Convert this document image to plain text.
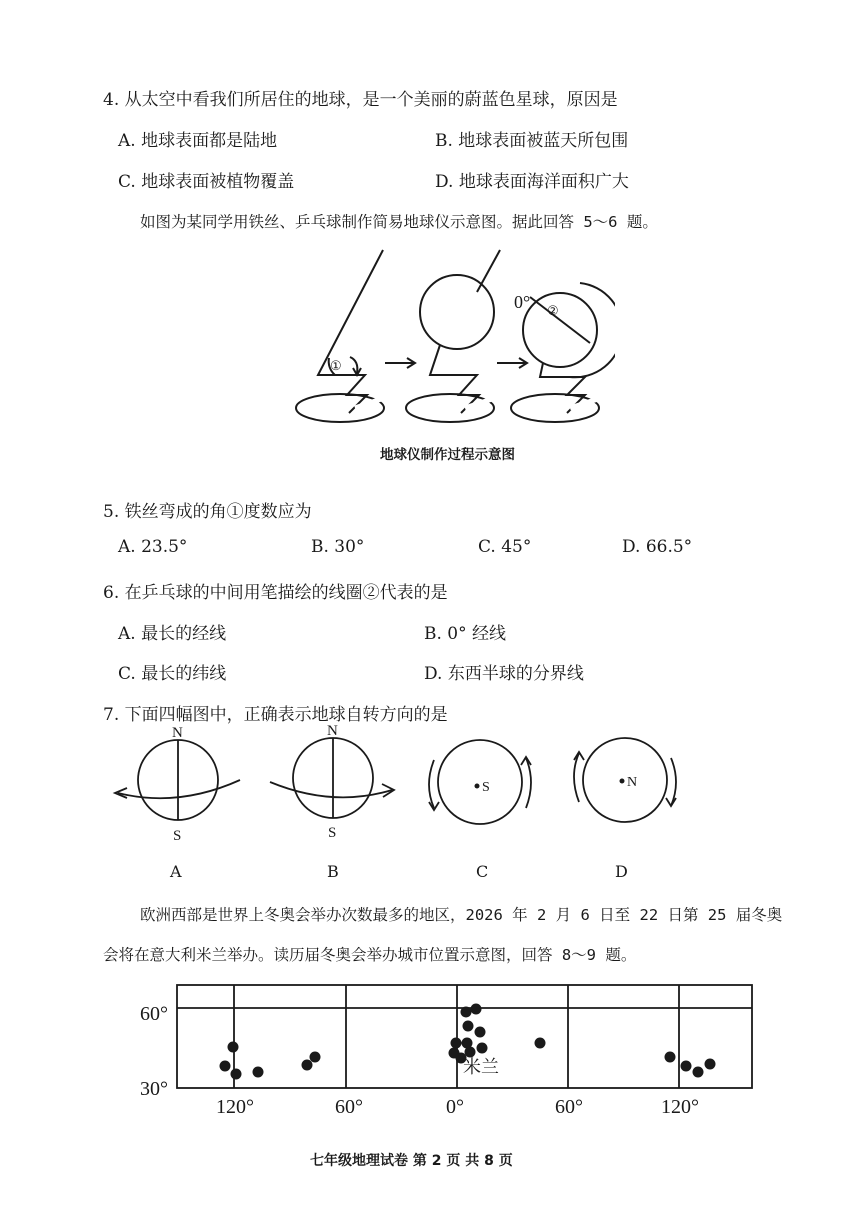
4. 从太空中看我们所居住的地球，是一个美丽的蔚蓝色星球，原因是
A. 地球表面都是陆地	B. 地球表面被蓝天所包围
C. 地球表面被植物覆盖	D. 地球表面海洋面积广大
如图为某同学用铁丝、乒乓球制作简易地球仪示意图。据此回答 5～6 题。
0°
①
②
地球仪制作过程示意图
5. 铁丝弯成的角①度数应为
A. 23.5°	B. 30°	C. 45°	D. 66.5°
6. 在乒乓球的中间用笔描绘的线圈②代表的是
A. 最长的经线	B. 0° 经线
C. 最长的纬线	D. 东西半球的分界线
7. 下面四幅图中，正确表示地球自转方向的是
N
S
N
S
S	N
A	B	C	D
欧洲西部是世界上冬奥会举办次数最多的地区，2026 年 2 月 6 日至 22 日第 25 届冬奥
会将在意大利米兰举办。读历届冬奥会举办城市位置示意图，回答 8～9 题。
60°
30°
120°	60°	0°	60°	120°
米兰
七年级地理试卷 第 2 页 共 8 页
